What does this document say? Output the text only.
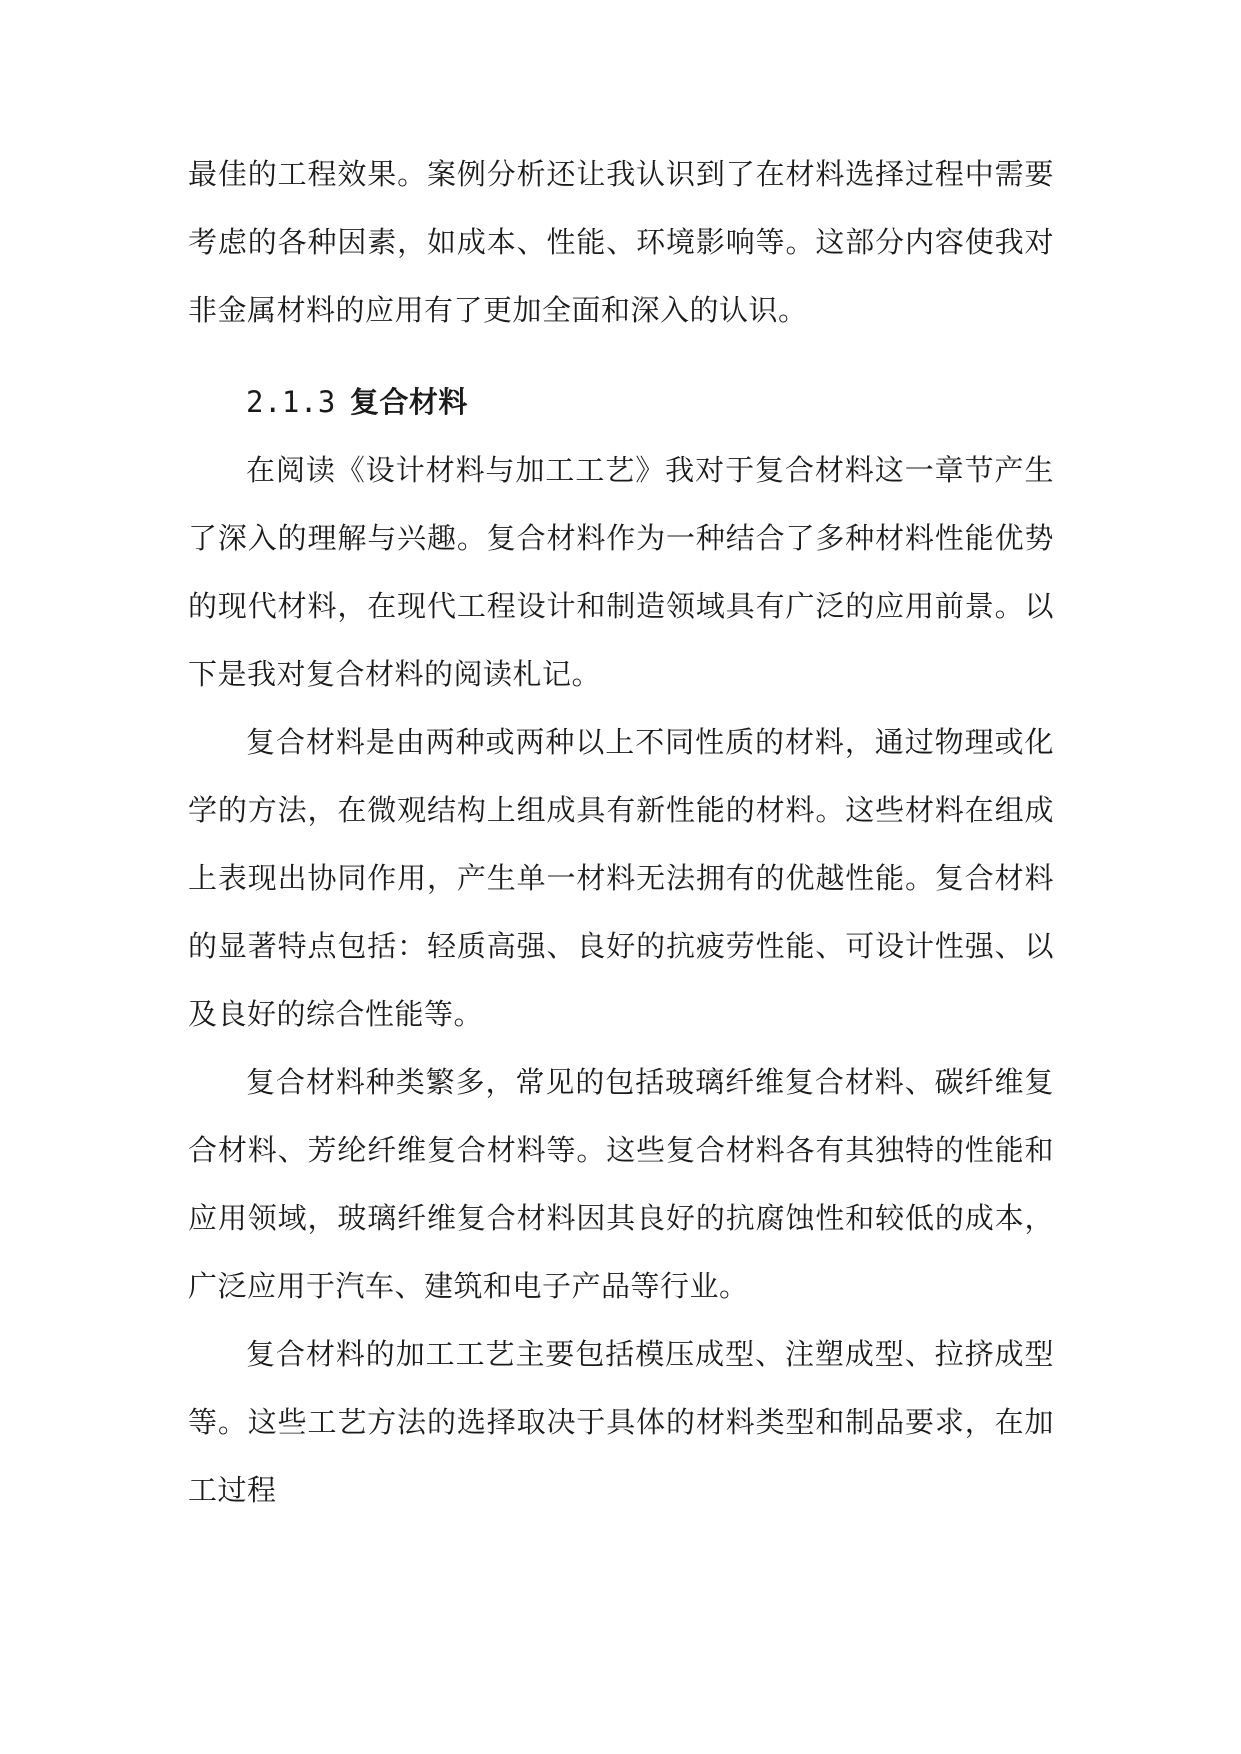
最佳的工程效果。案例分析还让我认识到了在材料选择过程中需要考虑的各种因素，如成本、性能、环境影响等。这部分内容使我对非金属材料的应用有了更加全面和深入的认识。

2.1.3 复合材料

在阅读《设计材料与加工工艺》我对于复合材料这一章节产生了深入的理解与兴趣。复合材料作为一种结合了多种材料性能优势的现代材料，在现代工程设计和制造领域具有广泛的应用前景。以下是我对复合材料的阅读札记。

复合材料是由两种或两种以上不同性质的材料，通过物理或化学的方法，在微观结构上组成具有新性能的材料。这些材料在组成上表现出协同作用，产生单一材料无法拥有的优越性能。复合材料的显著特点包括：轻质高强、良好的抗疲劳性能、可设计性强、以及良好的综合性能等。

复合材料种类繁多，常见的包括玻璃纤维复合材料、碳纤维复合材料、芳纶纤维复合材料等。这些复合材料各有其独特的性能和应用领域，玻璃纤维复合材料因其良好的抗腐蚀性和较低的成本，广泛应用于汽车、建筑和电子产品等行业。

复合材料的加工工艺主要包括模压成型、注塑成型、拉挤成型等。这些工艺方法的选择取决于具体的材料类型和制品要求，在加工过程
